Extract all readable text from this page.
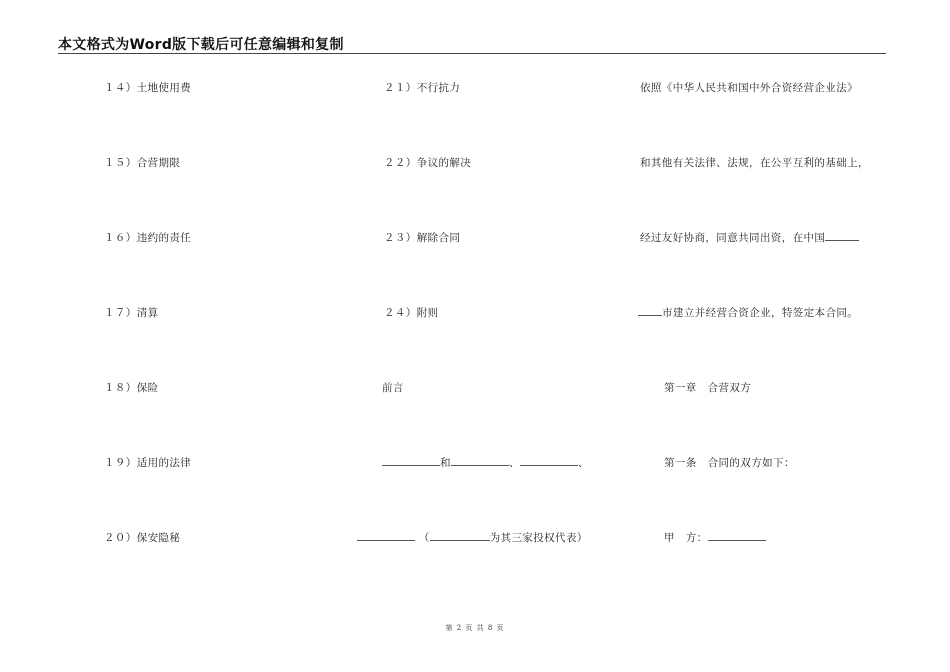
本文格式为Word版下载后可任意编辑和复制
１４）土地使用费
１５）合营期限
１６）违约的责任
１７）清算
１８）保险
１９）适用的法律
２０）保安隐秘
２１）不行抗力
２２）争议的解决
２３）解除合同
２４）附则
前言
和	、	、
（	为其三家投权代表）
依照《中华人民共和国中外合资经营企业法》
和其他有关法律、法规，在公平互利的基础上，
经过友好协商，同意共同出资，在中国
市建立并经营合资企业，特签定本合同。
第一章　合营双方
第一条　合同的双方如下：
甲　方：
第 2 页 共 8 页
